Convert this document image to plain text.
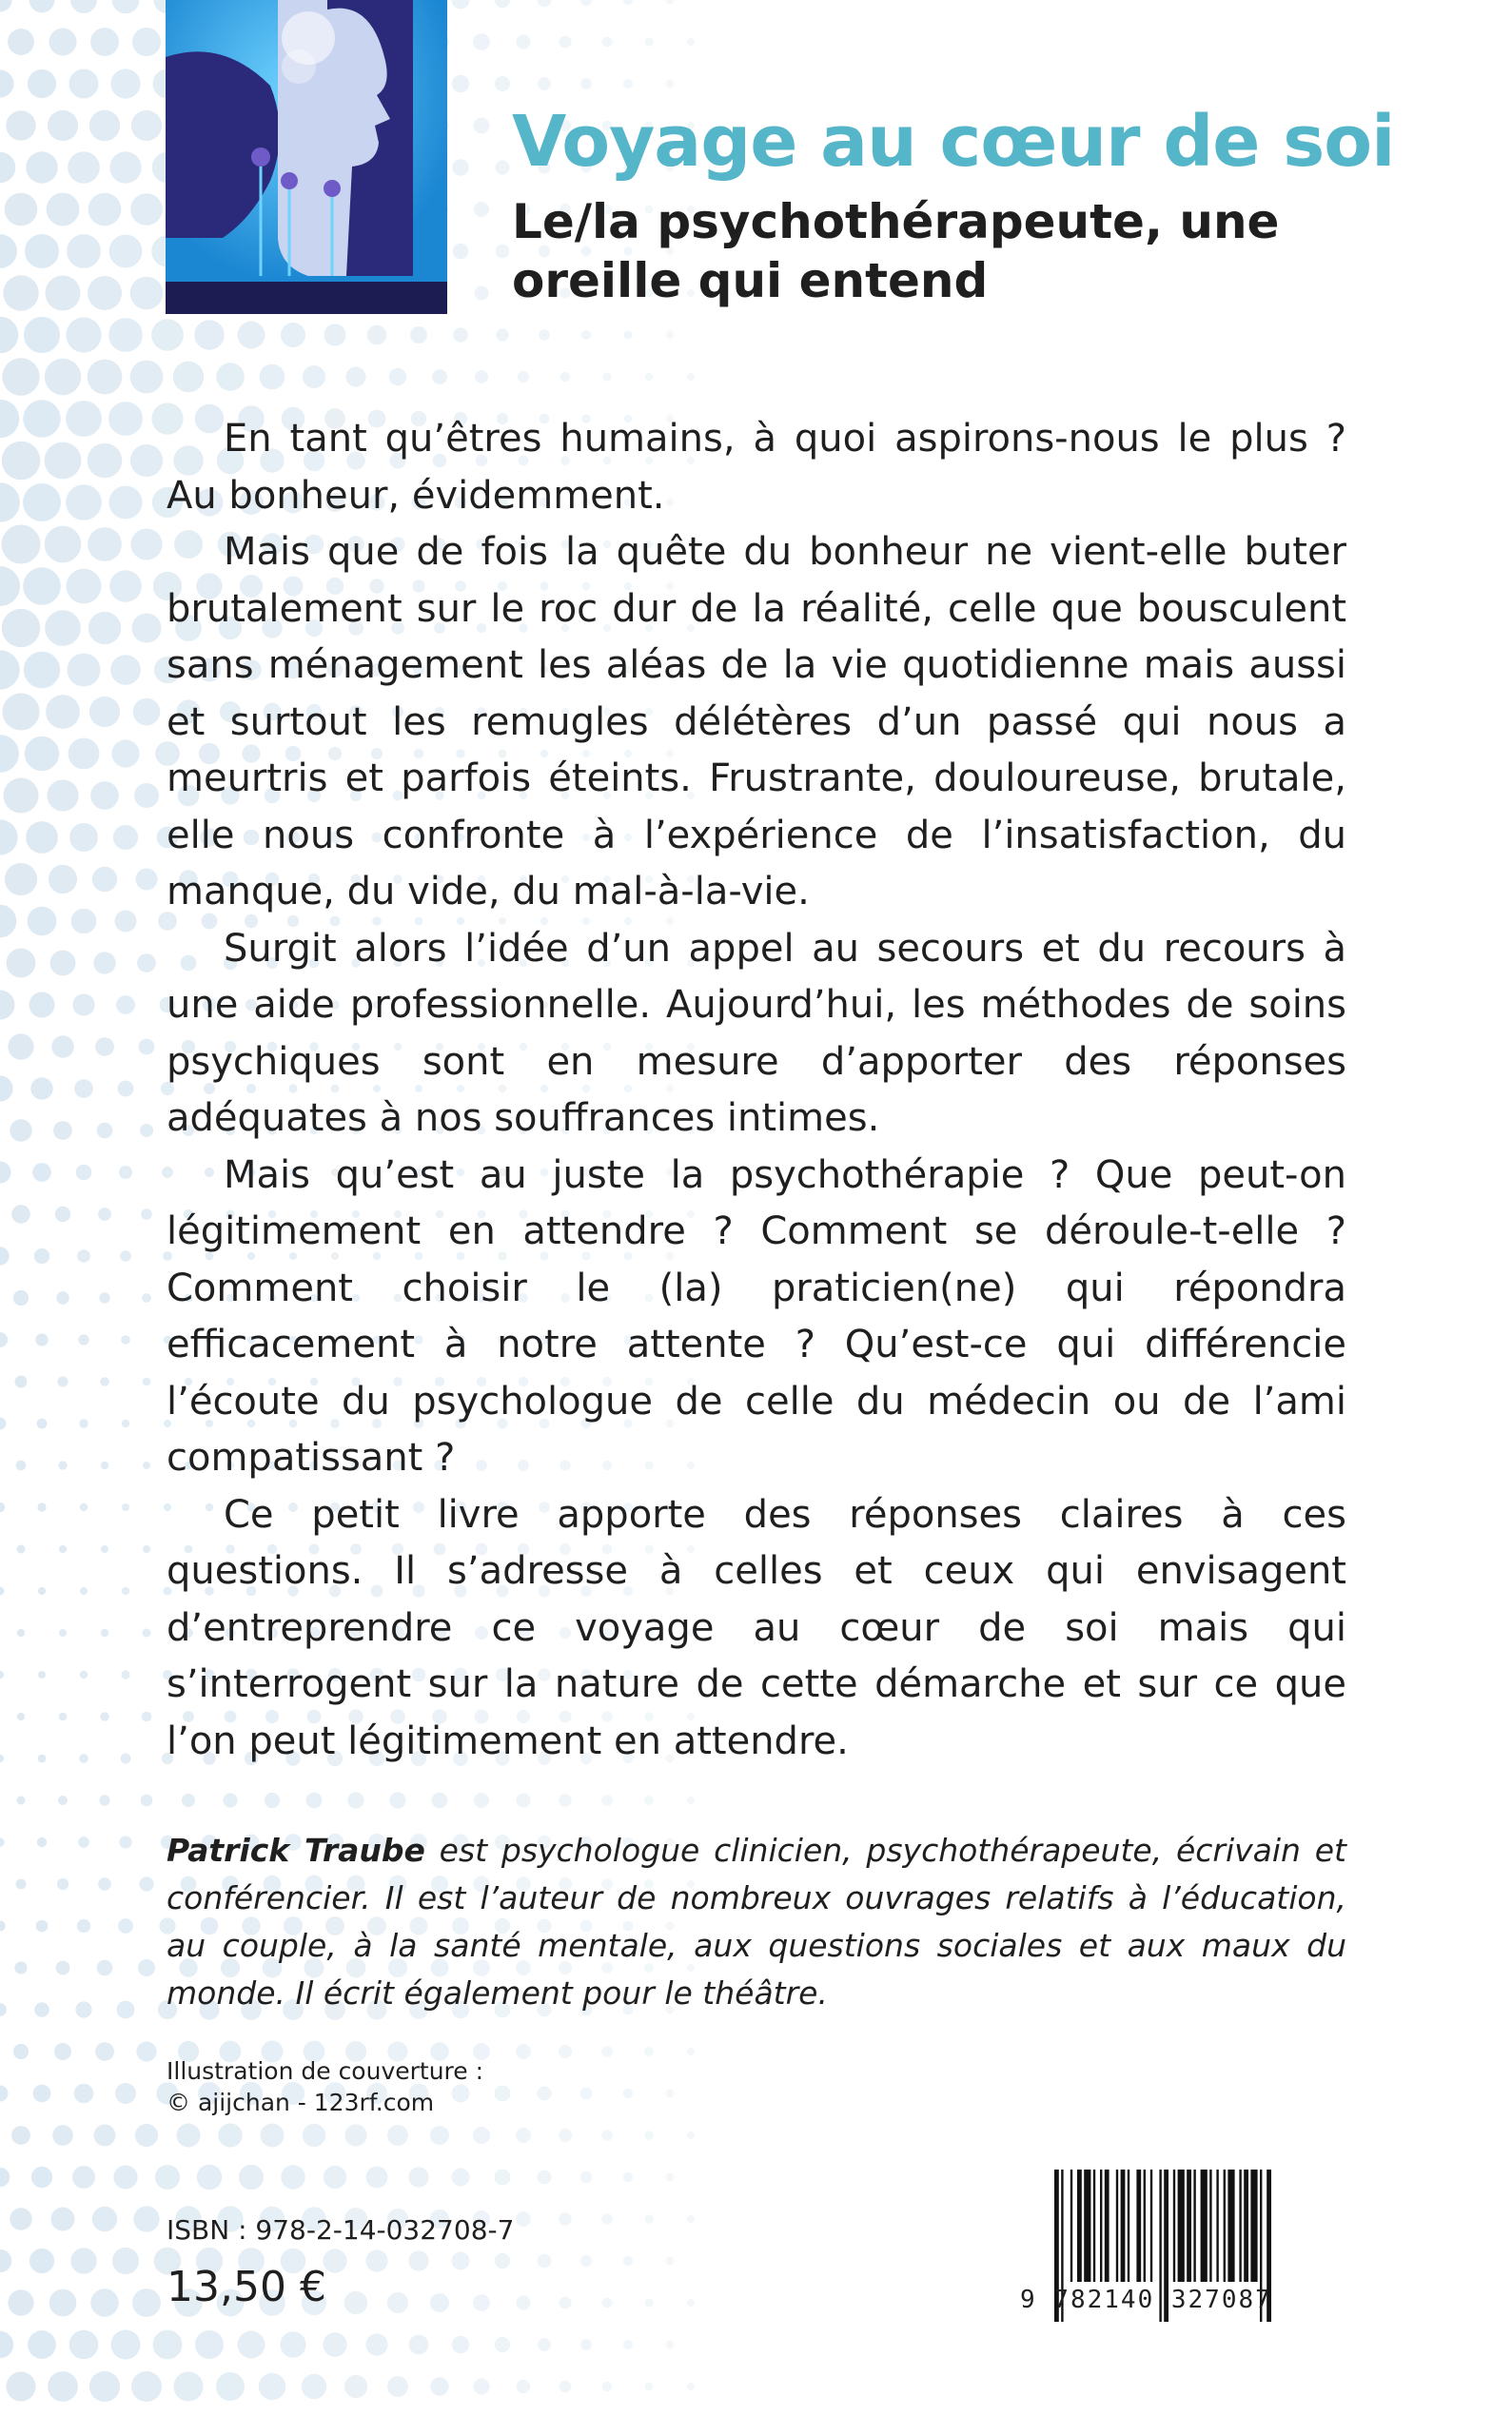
Voyage au cœur de soi
Le/la psychothérapeute, une oreille qui entend

En tant qu’êtres humains, à quoi aspirons-nous le plus ? Au bonheur, évidemment.

Mais que de fois la quête du bonheur ne vient-elle buter brutalement sur le roc dur de la réalité, celle que bousculent sans ménagement les aléas de la vie quotidienne mais aussi et surtout les remugles délétères d’un passé qui nous a meurtris et parfois éteints. Frustrante, douloureuse, brutale, elle nous confronte à l’expérience de l’insatisfaction, du manque, du vide, du mal-à-la-vie.

Surgit alors l’idée d’un appel au secours et du recours à une aide professionnelle. Aujourd’hui, les méthodes de soins psychiques sont en mesure d’apporter des réponses adéquates à nos souffrances intimes.

Mais qu’est au juste la psychothérapie ? Que peut-on légitimement en attendre ? Comment se déroule-t-elle ? Comment choisir le (la) praticien(ne) qui répondra efficacement à notre attente ? Qu’est-ce qui différencie l’écoute du psychologue de celle du médecin ou de l’ami compatissant ?

Ce petit livre apporte des réponses claires à ces questions. Il s’adresse à celles et ceux qui envisagent d’entreprendre ce voyage au cœur de soi mais qui s’interrogent sur la nature de cette démarche et sur ce que l’on peut légitimement en attendre.

Patrick Traube est psychologue clinicien, psychothérapeute, écrivain et conférencier. Il est l’auteur de nombreux ouvrages relatifs à l’éducation, au couple, à la santé mentale, aux questions sociales et aux maux du monde. Il écrit également pour le théâtre.
Illustration de couverture :
© ajijchan - 123rf.com
ISBN : 978-2-14-032708-7
13,50 €	9 782140 327087
